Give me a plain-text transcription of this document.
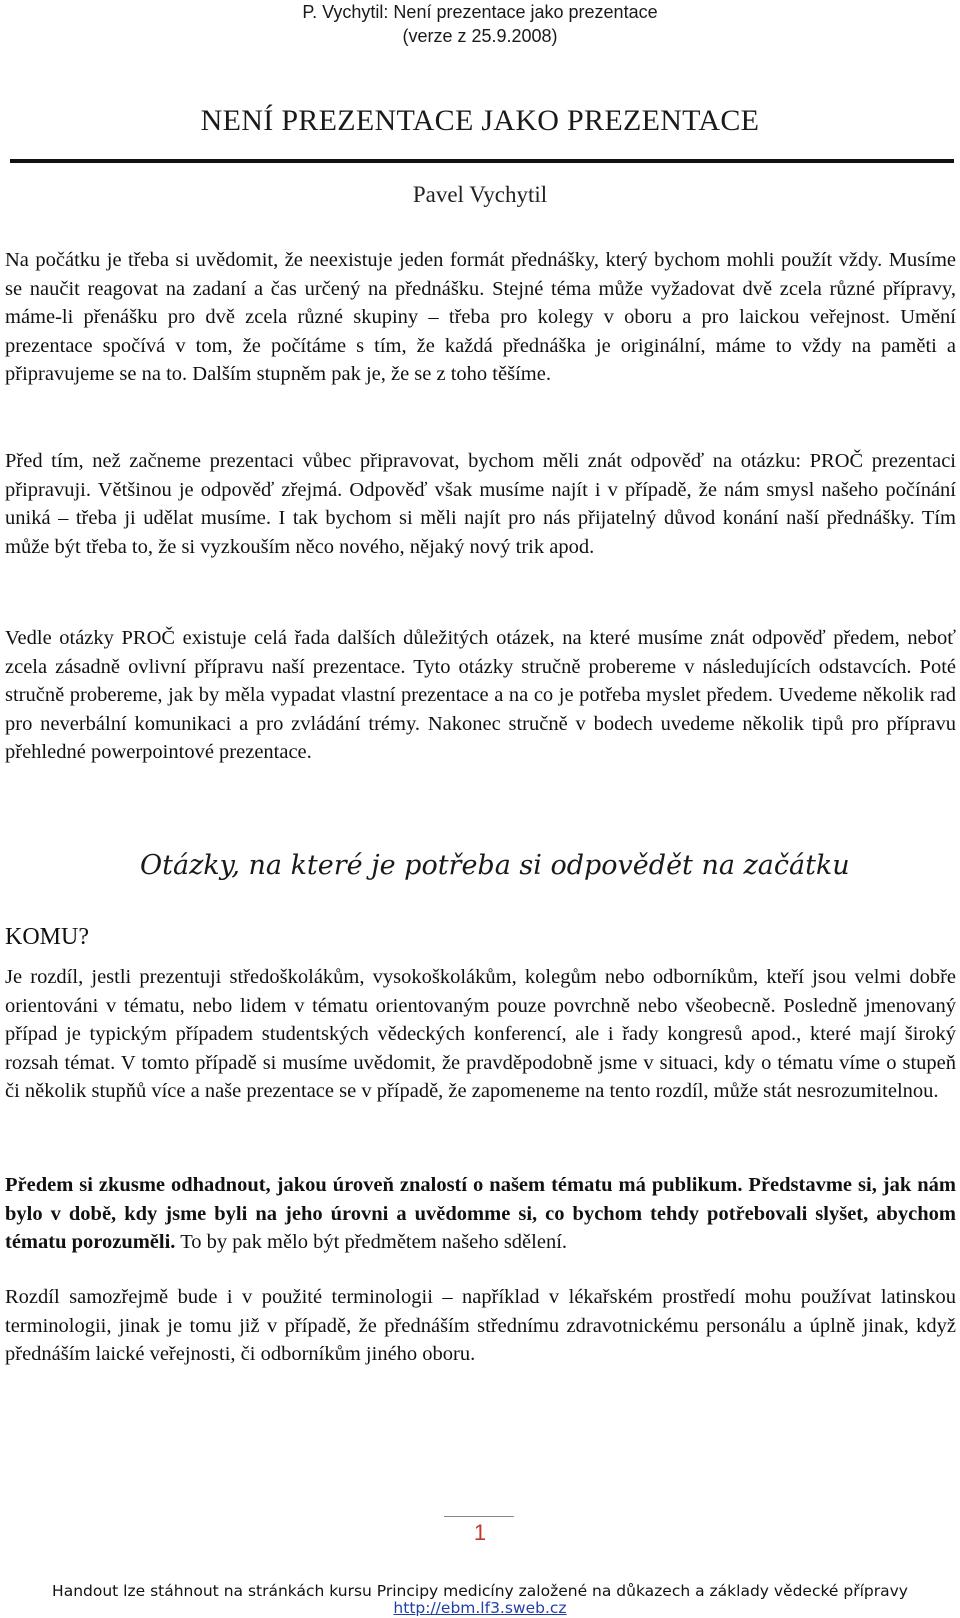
P. Vychytil: Není prezentace jako prezentace
(verze z 25.9.2008)
NENÍ PREZENTACE JAKO PREZENTACE
Pavel Vychytil

Na počátku je třeba si uvědomit, že neexistuje jeden formát přednášky, který bychom mohli použít vždy. Musíme se naučit reagovat na zadaní a čas určený na přednášku. Stejné téma může vyžadovat dvě zcela různé přípravy, máme-li přenášku pro dvě zcela různé skupiny – třeba pro kolegy v oboru a pro laickou veřejnost. Umění prezentace spočívá v tom, že počítáme s tím, že každá přednáška je originální, máme to vždy na paměti a připravujeme se na to. Dalším stupněm pak je, že se z toho těšíme.

Před tím, než začneme prezentaci vůbec připravovat, bychom měli znát odpověď na otázku: PROČ prezentaci připravuji. Většinou je odpověď zřejmá. Odpověď však musíme najít i v případě, že nám smysl našeho počínání uniká – třeba ji udělat musíme. I tak bychom si měli najít pro nás přijatelný důvod konání naší přednášky. Tím může být třeba to, že si vyzkouším něco nového, nějaký nový trik apod.

Vedle otázky PROČ existuje celá řada dalších důležitých otázek, na které musíme znát odpověď předem, neboť zcela zásadně ovlivní přípravu naší prezentace. Tyto otázky stručně probereme v následujících odstavcích. Poté stručně probereme, jak by měla vypadat vlastní prezentace a na co je potřeba myslet předem. Uvedeme několik rad pro neverbální komunikaci a pro zvládání trémy. Nakonec stručně v bodech uvedeme několik tipů pro přípravu přehledné powerpointové prezentace.

Otázky, na které je potřeba si odpovědět na začátku
KOMU?

Je rozdíl, jestli prezentuji středoškolákům, vysokoškolákům, kolegům nebo odborníkům, kteří jsou velmi dobře orientováni v tématu, nebo lidem v tématu orientovaným pouze povrchně nebo všeobecně. Posledně jmenovaný případ je typickým případem studentských vědeckých konferencí, ale i řady kongresů apod., které mají široký rozsah témat. V tomto případě si musíme uvědomit, že pravděpodobně jsme v situaci, kdy o tématu víme o stupeň či několik stupňů více a naše prezentace se v případě, že zapomeneme na tento rozdíl, může stát nesrozumitelnou.

Předem si zkusme odhadnout, jakou úroveň znalostí o našem tématu má publikum. Představme si, jak nám bylo v době, kdy jsme byli na jeho úrovni a uvědomme si, co bychom tehdy potřebovali slyšet, abychom tématu porozuměli. To by pak mělo být předmětem našeho sdělení.

Rozdíl samozřejmě bude i v použité terminologii – například v lékařském prostředí mohu používat latinskou terminologii, jinak je tomu již v případě, že přednáším střednímu zdravotnickému personálu a úplně jinak, když přednáším laické veřejnosti, či odborníkům jiného oboru.

1
Handout lze stáhnout na stránkách kursu Principy medicíny založené na důkazech a základy vědecké přípravy
http://ebm.lf3.sweb.cz
